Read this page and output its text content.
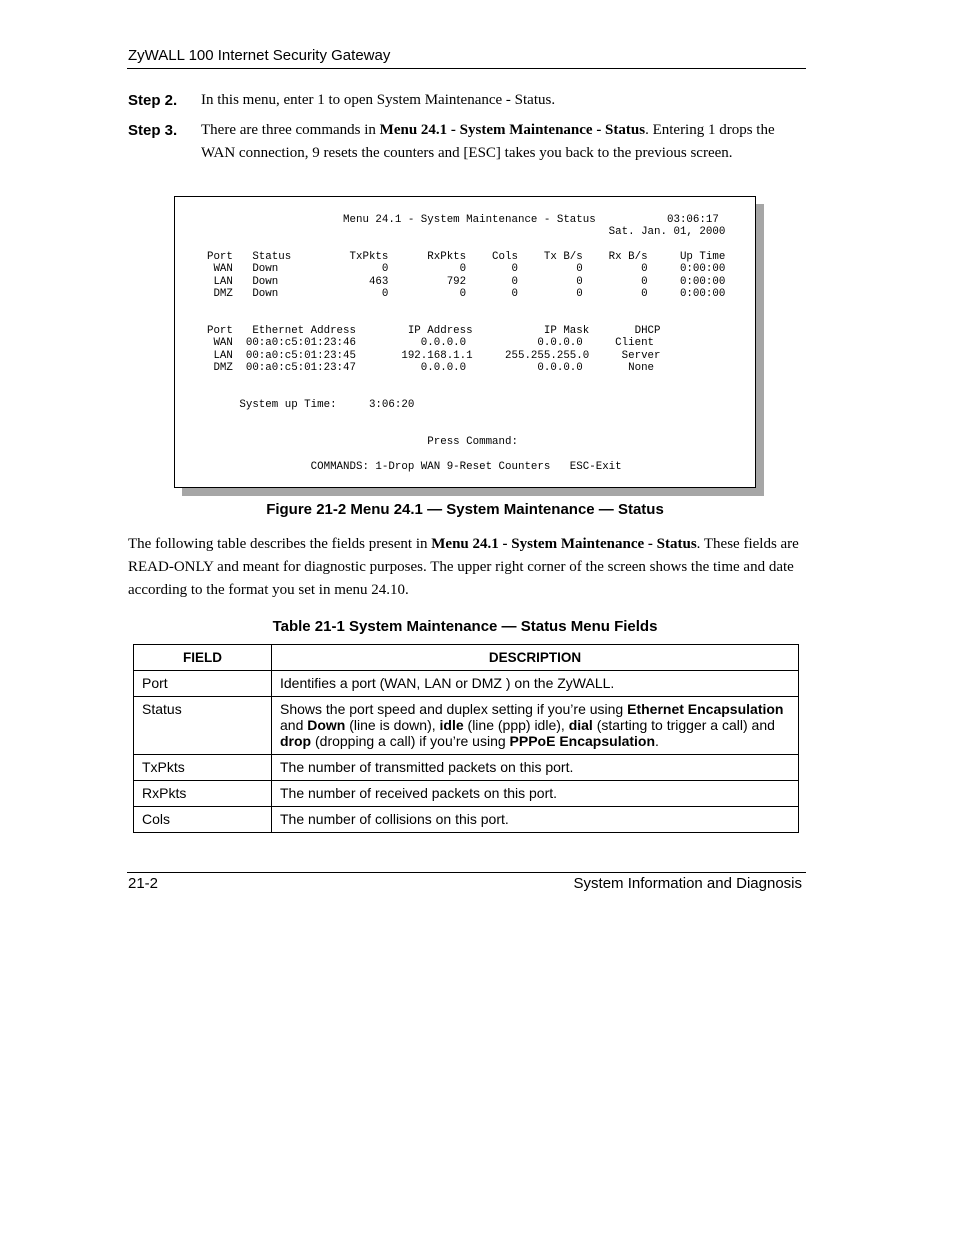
ZyWALL 100 Internet Security Gateway
Step 2. In this menu, enter 1 to open System Maintenance - Status.
Step 3. There are three commands in Menu 24.1 - System Maintenance - Status. Entering 1 drops the WAN connection, 9 resets the counters and [ESC] takes you back to the previous screen.
Menu 24.1 - System Maintenance - Status           03:06:17
Sat. Jan. 01, 2000

Port   Status         TxPkts      RxPkts    Cols    Tx B/s    Rx B/s     Up Time
WAN   Down                0           0       0         0         0     0:00:00
LAN   Down              463         792       0         0         0     0:00:00
DMZ   Down                0           0       0         0         0     0:00:00

Port   Ethernet Address        IP Address           IP Mask       DHCP
WAN  00:a0:c5:01:23:46          0.0.0.0           0.0.0.0     Client
LAN  00:a0:c5:01:23:45       192.168.1.1     255.255.255.0     Server
DMZ  00:a0:c5:01:23:47          0.0.0.0           0.0.0.0       None

System up Time:     3:06:20

Press Command:

COMMANDS: 1-Drop WAN 9-Reset Counters   ESC-Exit
Figure 21-2 Menu 24.1 — System Maintenance — Status
The following table describes the fields present in Menu 24.1 - System Maintenance - Status. These fields are READ-ONLY and meant for diagnostic purposes. The upper right corner of the screen shows the time and date according to the format you set in menu 24.10.
Table 21-1 System Maintenance — Status Menu Fields
FIELD	DESCRIPTION
Port	Identifies a port (WAN, LAN or DMZ ) on the ZyWALL.
Status	Shows the port speed and duplex setting if you’re using Ethernet Encapsulation and Down (line is down), idle (line (ppp) idle), dial (starting to trigger a call) and drop (dropping a call) if you’re using PPPoE Encapsulation.
TxPkts	The number of transmitted packets on this port.
RxPkts	The number of received packets on this port.
Cols	The number of collisions on this port.
21-2	System Information and Diagnosis
